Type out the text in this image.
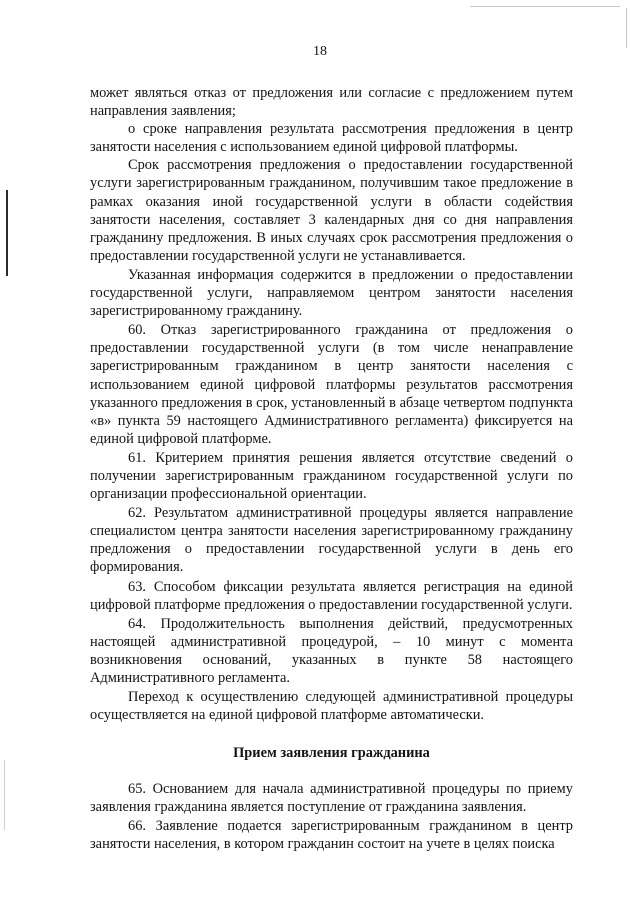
18

может являться отказ от предложения или согласие с предложением путем направления заявления;

о сроке направления результата рассмотрения предложения в центр занятости населения с использованием единой цифровой платформы.

Срок рассмотрения предложения о предоставлении государственной услуги зарегистрированным гражданином, получившим такое предложение в рамках оказания иной государственной услуги в области содействия занятости населения, составляет 3 календарных дня со дня направления гражданину предложения. В иных случаях срок рассмотрения предложения о предоставлении государственной услуги не устанавливается.

Указанная информация содержится в предложении о предоставлении государственной услуги, направляемом центром занятости населения зарегистрированному гражданину.

60. Отказ зарегистрированного гражданина от предложения о предоставлении государственной услуги (в том числе ненаправление зарегистрированным гражданином в центр занятости населения с использованием единой цифровой платформы результатов рассмотрения указанного предложения в срок, установленный в абзаце четвертом подпункта «в» пункта 59 настоящего Административного регламента) фиксируется на единой цифровой платформе.

61. Критерием принятия решения является отсутствие сведений о получении зарегистрированным гражданином государственной услуги по организации профессиональной ориентации.

62. Результатом административной процедуры является направление специалистом центра занятости населения зарегистрированному гражданину предложения о предоставлении государственной услуги в день его формирования.

63. Способом фиксации результата является регистрация на единой цифровой платформе предложения о предоставлении государственной услуги.

64. Продолжительность выполнения действий, предусмотренных настоящей административной процедурой, – 10 минут с момента возникновения оснований, указанных в пункте 58 настоящего Административного регламента.

Переход к осуществлению следующей административной процедуры осуществляется на единой цифровой платформе автоматически.

Прием заявления гражданина

65. Основанием для начала административной процедуры по приему заявления гражданина является поступление от гражданина заявления.

66. Заявление подается зарегистрированным гражданином в центр занятости населения, в котором гражданин состоит на учете в целях поиска
